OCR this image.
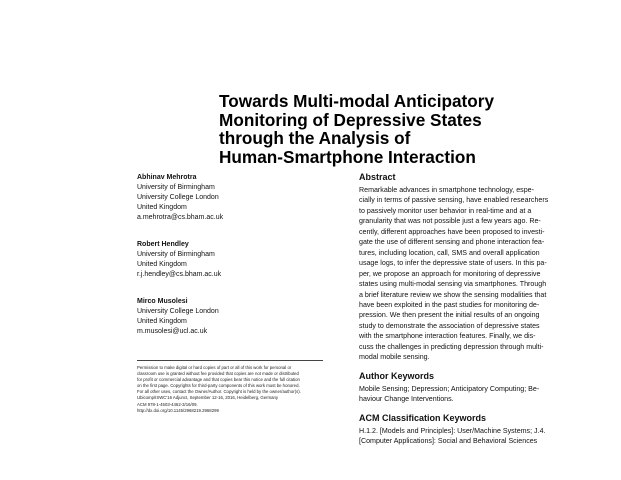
Towards Multi-modal Anticipatory
Monitoring of Depressive States
through the Analysis of
Human-Smartphone Interaction
Abhinav Mehrotra
University of Birmingham
University College London
United Kingdom
a.mehrotra@cs.bham.ac.uk
Robert Hendley
University of Birmingham
United Kingdom
r.j.hendley@cs.bham.ac.uk
Mirco Musolesi
University College London
United Kingdom
m.musolesi@ucl.ac.uk
Permission to make digital or hard copies of part or all of this work for personal or
classroom use is granted without fee provided that copies are not made or distributed
for profit or commercial advantage and that copies bear this notice and the full citation
on the first page. Copyrights for third-party components of this work must be honored.
For all other uses, contact the Owner/Author. Copyright is held by the owner/author(s).
Ubicomp/ISWC'16 Adjunct, September 12-16, 2016, Heidelberg, Germany
ACM 978-1-4503-4462-3/16/09.
http://dx.doi.org/10.1145/2968219.2968299
Abstract
Remarkable advances in smartphone technology, espe-
cially in terms of passive sensing, have enabled researchers
to passively monitor user behavior in real-time and at a
granularity that was not possible just a few years ago. Re-
cently, different approaches have been proposed to investi-
gate the use of different sensing and phone interaction fea-
tures, including location, call, SMS and overall application
usage logs, to infer the depressive state of users. In this pa-
per, we propose an approach for monitoring of depressive
states using multi-modal sensing via smartphones. Through
a brief literature review we show the sensing modalities that
have been exploited in the past studies for monitoring de-
pression. We then present the initial results of an ongoing
study to demonstrate the association of depressive states
with the smartphone interaction features. Finally, we dis-
cuss the challenges in predicting depression through multi-
modal mobile sensing.
Author Keywords
Mobile Sensing; Depression; Anticipatory Computing; Be-
haviour Change Interventions.
ACM Classification Keywords
H.1.2. [Models and Principles]: User/Machine Systems; J.4.
[Computer Applications]: Social and Behavioral Sciences
